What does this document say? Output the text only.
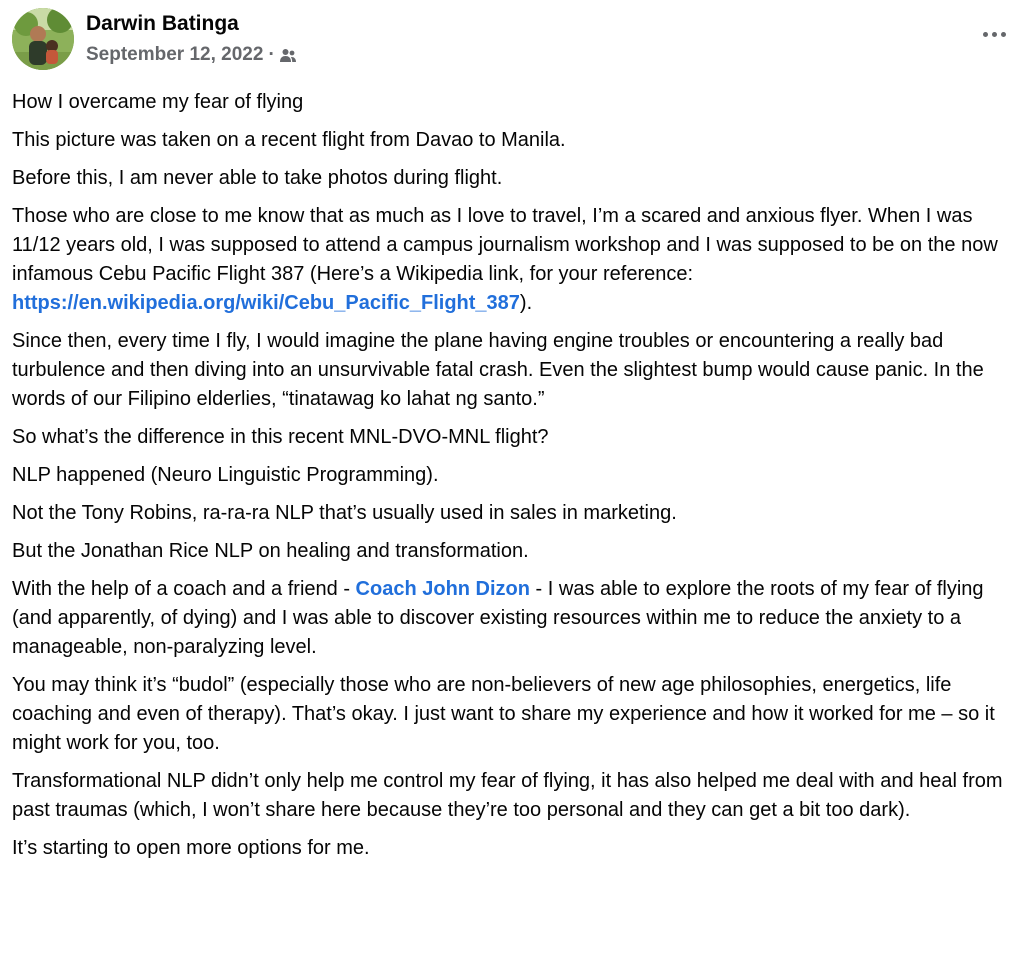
Darwin Batinga
September 12, 2022 ·

How I overcame my fear of flying

This picture was taken on a recent flight from Davao to Manila.

Before this, I am never able to take photos during flight.

Those who are close to me know that as much as I love to travel, I’m a scared and anxious flyer. When I was 11/12 years old, I was supposed to attend a campus journalism workshop and I was supposed to be on the now infamous Cebu Pacific Flight 387 (Here’s a Wikipedia link, for your reference: https://en.wikipedia.org/wiki/Cebu_Pacific_Flight_387).

Since then, every time I fly, I would imagine the plane having engine troubles or encountering a really bad turbulence and then diving into an unsurvivable fatal crash. Even the slightest bump would cause panic. In the words of our Filipino elderlies, “tinatawag ko lahat ng santo.”

So what’s the difference in this recent MNL-DVO-MNL flight?

NLP happened (Neuro Linguistic Programming).

Not the Tony Robins, ra-ra-ra NLP that’s usually used in sales in marketing.

But the Jonathan Rice NLP on healing and transformation.

With the help of a coach and a friend - Coach John Dizon - I was able to explore the roots of my fear of flying (and apparently, of dying) and I was able to discover existing resources within me to reduce the anxiety to a manageable, non-paralyzing level.

You may think it’s “budol” (especially those who are non-believers of new age philosophies, energetics, life coaching and even of therapy). That’s okay. I just want to share my experience and how it worked for me – so it might work for you, too.

Transformational NLP didn’t only help me control my fear of flying, it has also helped me deal with and heal from past traumas (which, I won’t share here because they’re too personal and they can get a bit too dark).

It’s starting to open more options for me.
